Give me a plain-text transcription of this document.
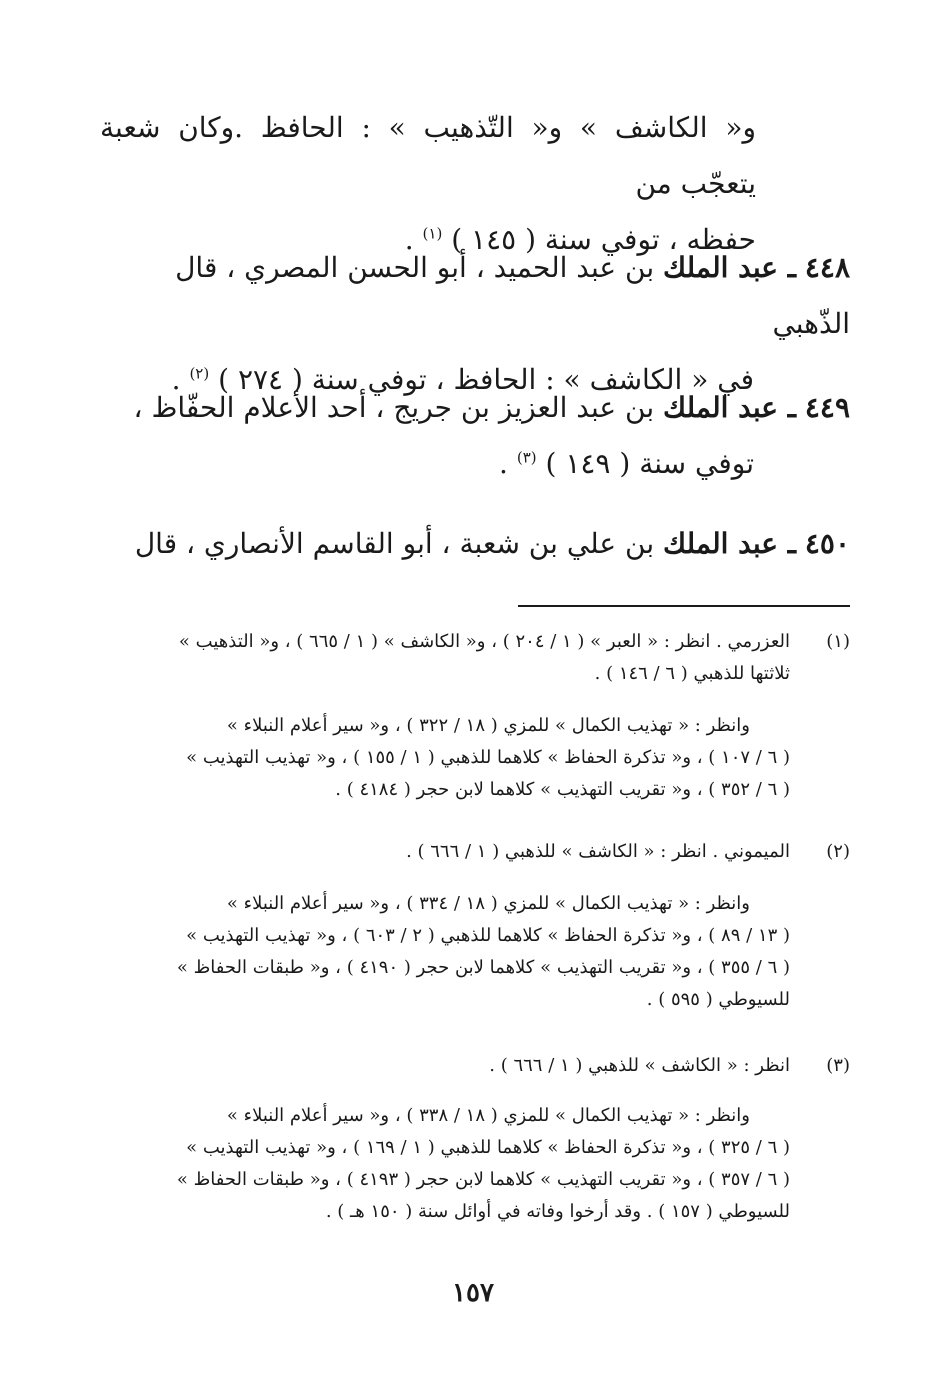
و« الكاشف » و« التّذهيب » : الحافظ .وكان شعبة يتعجّب من
حفظه ، توفي سنة ( ١٤٥ ) $^{(١)}$ .
٤٤٨ ـ عبد الملك بن عبد الحميد ، أبو الحسن المصري ، قال الذّهبي
في « الكاشف » : الحافظ ، توفي سنة ( ٢٧٤ ) $^{(٢)}$ .
٤٤٩ ـ عبد الملك بن عبد العزيز بن جريج ، أحد الأعلام الحفّاظ ،
توفي سنة ( ١٤٩ ) $^{(٣)}$ .
٤٥٠ ـ عبد الملك بن علي بن شعبة ، أبو القاسم الأنصاري ، قال
(١)
العزرمي . انظر : « العبر » ( ١ / ٢٠٤ ) ، و« الكاشف » ( ١ / ٦٦٥ ) ، و« التذهيب »
ثلاثتها للذهبي ( ٦ / ١٤٦ ) .
وانظر : « تهذيب الكمال » للمزي ( ١٨ / ٣٢٢ ) ، و« سير أعلام النبلاء »
( ٦ / ١٠٧ ) ، و« تذكرة الحفاظ » كلاهما للذهبي ( ١ / ١٥٥ ) ، و« تهذيب التهذيب »
( ٦ / ٣٥٢ ) ، و« تقريب التهذيب » كلاهما لابن حجر ( ٤١٨٤ ) .
(٢)
الميموني . انظر : « الكاشف » للذهبي ( ١ / ٦٦٦ ) .
وانظر : « تهذيب الكمال » للمزي ( ١٨ / ٣٣٤ ) ، و« سير أعلام النبلاء »
( ١٣ / ٨٩ ) ، و« تذكرة الحفاظ » كلاهما للذهبي ( ٢ / ٦٠٣ ) ، و« تهذيب التهذيب »
( ٦ / ٣٥٥ ) ، و« تقريب التهذيب » كلاهما لابن حجر ( ٤١٩٠ ) ، و« طبقات الحفاظ »
للسيوطي ( ٥٩٥ ) .
(٣)
انظر : « الكاشف » للذهبي ( ١ / ٦٦٦ ) .
وانظر : « تهذيب الكمال » للمزي ( ١٨ / ٣٣٨ ) ، و« سير أعلام النبلاء »
( ٦ / ٣٢٥ ) ، و« تذكرة الحفاظ » كلاهما للذهبي ( ١ / ١٦٩ ) ، و« تهذيب التهذيب »
( ٦ / ٣٥٧ ) ، و« تقريب التهذيب » كلاهما لابن حجر ( ٤١٩٣ ) ، و« طبقات الحفاظ »
للسيوطي ( ١٥٧ ) . وقد أرخوا وفاته في أوائل سنة ( ١٥٠ هـ ) .
١٥٧
